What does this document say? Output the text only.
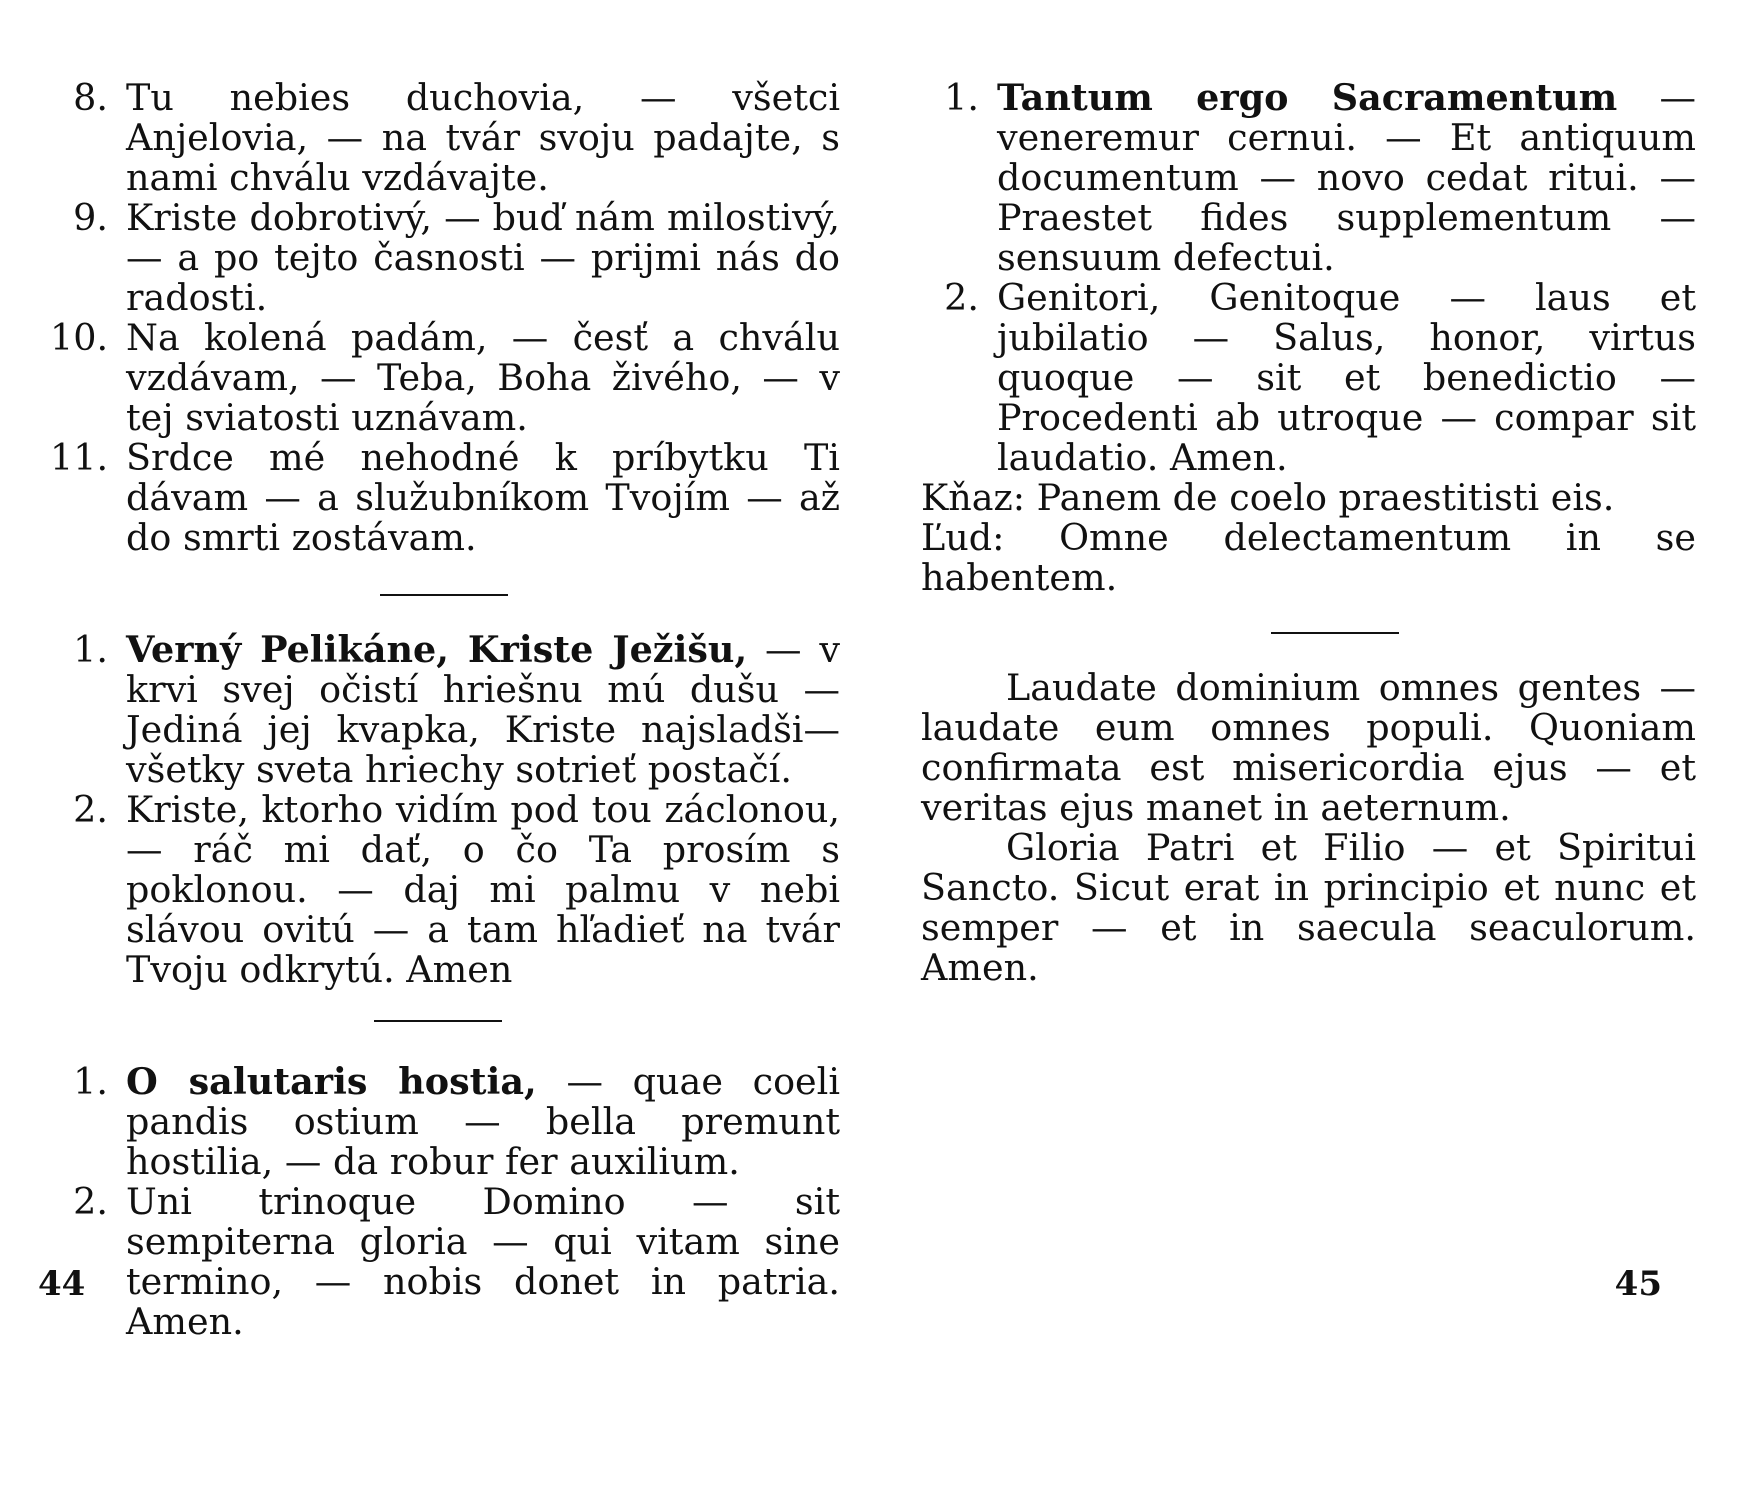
8. Tu nebies duchovia, — všetci Anjelovia, — na tvár svoju padajte, s nami chválu vzdávajte.
9. Kriste dobrotivý, — buď nám milostivý, — a po tejto časnosti — prijmi nás do radosti.
10. Na kolená padám, — česť a chválu vzdávam, — Teba, Boha živého, — v tej sviatosti uznávam.
11. Srdce mé nehodné k príbytku Ti dávam — a služubníkom Tvojím — až do smrti zostávam.
1. Verný Pelikáne, Kriste Ježišu, — v krvi svej očistí hriešnu mú dušu — Jediná jej kvapka, Kriste najsladši—všetky sveta hriechy sotrieť postačí.
2. Kriste, ktorho vidím pod tou záclonou, — ráč mi dať, o čo Ta prosím s poklonou. — daj mi palmu v nebi slávou ovitú — a tam hľadieť na tvár Tvoju odkrytú. Amen
1. O salutaris hostia, — quae coeli pandis ostium — bella premunt hostilia, — da robur fer auxilium.
2. Uni trinoque Domino — sit sempiterna gloria — qui vitam sine termino, — nobis donet in patria. Amen.
44
1. Tantum ergo Sacramentum — veneremur cernui. — Et antiquum documentum — novo cedat ritui. — Praestet fides supplementum — sensuum defectui.
2. Genitori, Genitoque — laus et jubilatio — Salus, honor, virtus quoque — sit et benedictio — Procedenti ab utroque — compar sit laudatio. Amen.
Kňaz: Panem de coelo praestitisti eis.
Ľud: Omne delectamentum in se habentem.
Laudate dominium omnes gentes — laudate eum omnes populi. Quoniam confirmata est misericordia ejus — et veritas ejus manet in aeternum.
Gloria Patri et Filio — et Spiritui Sancto. Sicut erat in principio et nunc et semper — et in saecula seaculorum. Amen.
45
